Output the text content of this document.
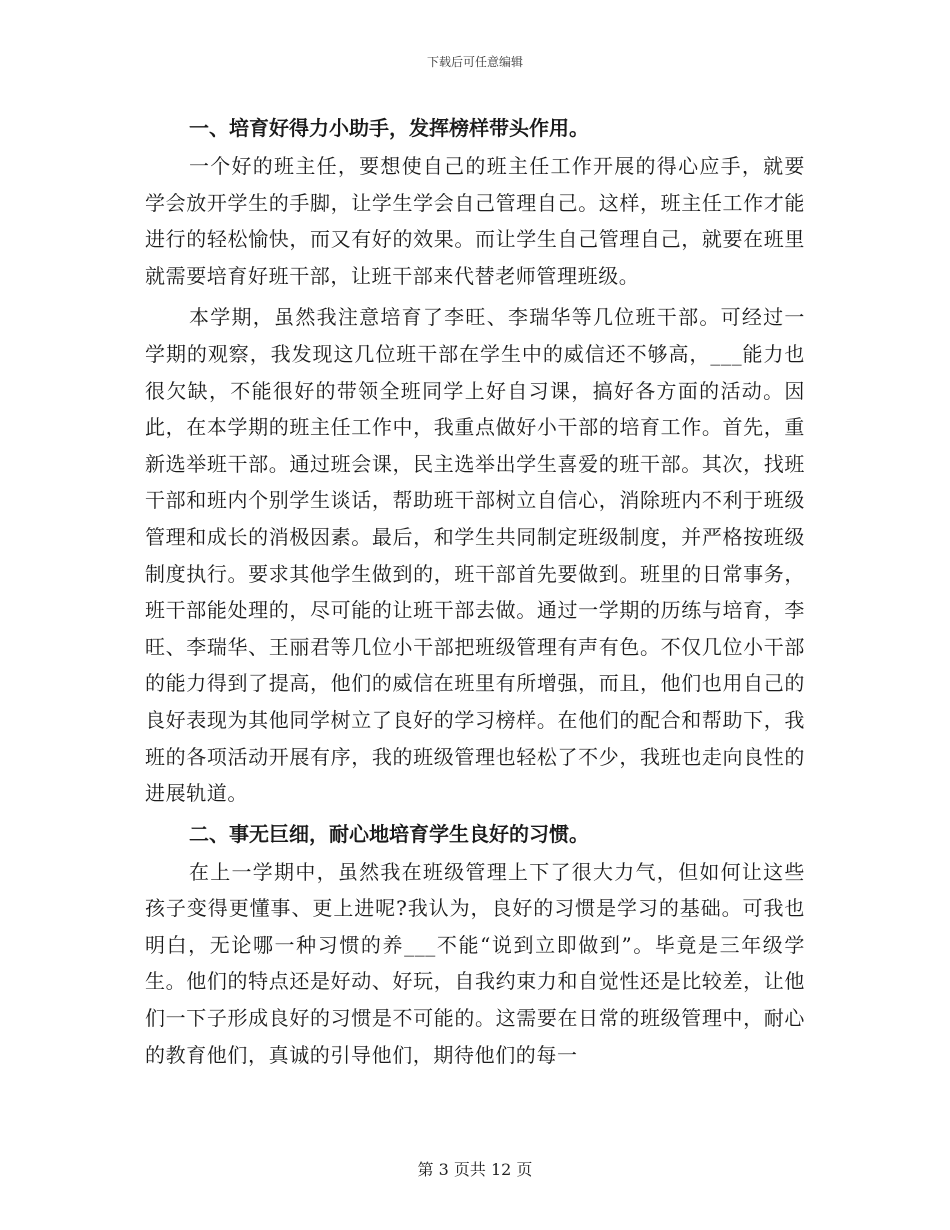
下载后可任意编辑

一、培育好得力小助手，发挥榜样带头作用。

一个好的班主任，要想使自己的班主任工作开展的得心应手，就要学会放开学生的手脚，让学生学会自己管理自己。这样，班主任工作才能进行的轻松愉快，而又有好的效果。而让学生自己管理自己，就要在班里就需要培育好班干部，让班干部来代替老师管理班级。

本学期，虽然我注意培育了李旺、李瑞华等几位班干部。可经过一学期的观察，我发现这几位班干部在学生中的威信还不够高，___能力也很欠缺，不能很好的带领全班同学上好自习课，搞好各方面的活动。因此，在本学期的班主任工作中，我重点做好小干部的培育工作。首先，重新选举班干部。通过班会课，民主选举出学生喜爱的班干部。其次，找班干部和班内个别学生谈话，帮助班干部树立自信心，消除班内不利于班级管理和成长的消极因素。最后，和学生共同制定班级制度，并严格按班级制度执行。要求其他学生做到的，班干部首先要做到。班里的日常事务，班干部能处理的，尽可能的让班干部去做。通过一学期的历练与培育，李旺、李瑞华、王丽君等几位小干部把班级管理有声有色。不仅几位小干部的能力得到了提高，他们的威信在班里有所增强，而且，他们也用自己的良好表现为其他同学树立了良好的学习榜样。在他们的配合和帮助下，我班的各项活动开展有序，我的班级管理也轻松了不少，我班也走向良性的进展轨道。

二、事无巨细，耐心地培育学生良好的习惯。

在上一学期中，虽然我在班级管理上下了很大力气，但如何让这些孩子变得更懂事、更上进呢?我认为，良好的习惯是学习的基础。可我也明白，无论哪一种习惯的养___不能“说到立即做到”。毕竟是三年级学生。他们的特点还是好动、好玩，自我约束力和自觉性还是比较差，让他们一下子形成良好的习惯是不可能的。这需要在日常的班级管理中，耐心的教育他们，真诚的引导他们，期待他们的每一

第 3 页共 12 页
